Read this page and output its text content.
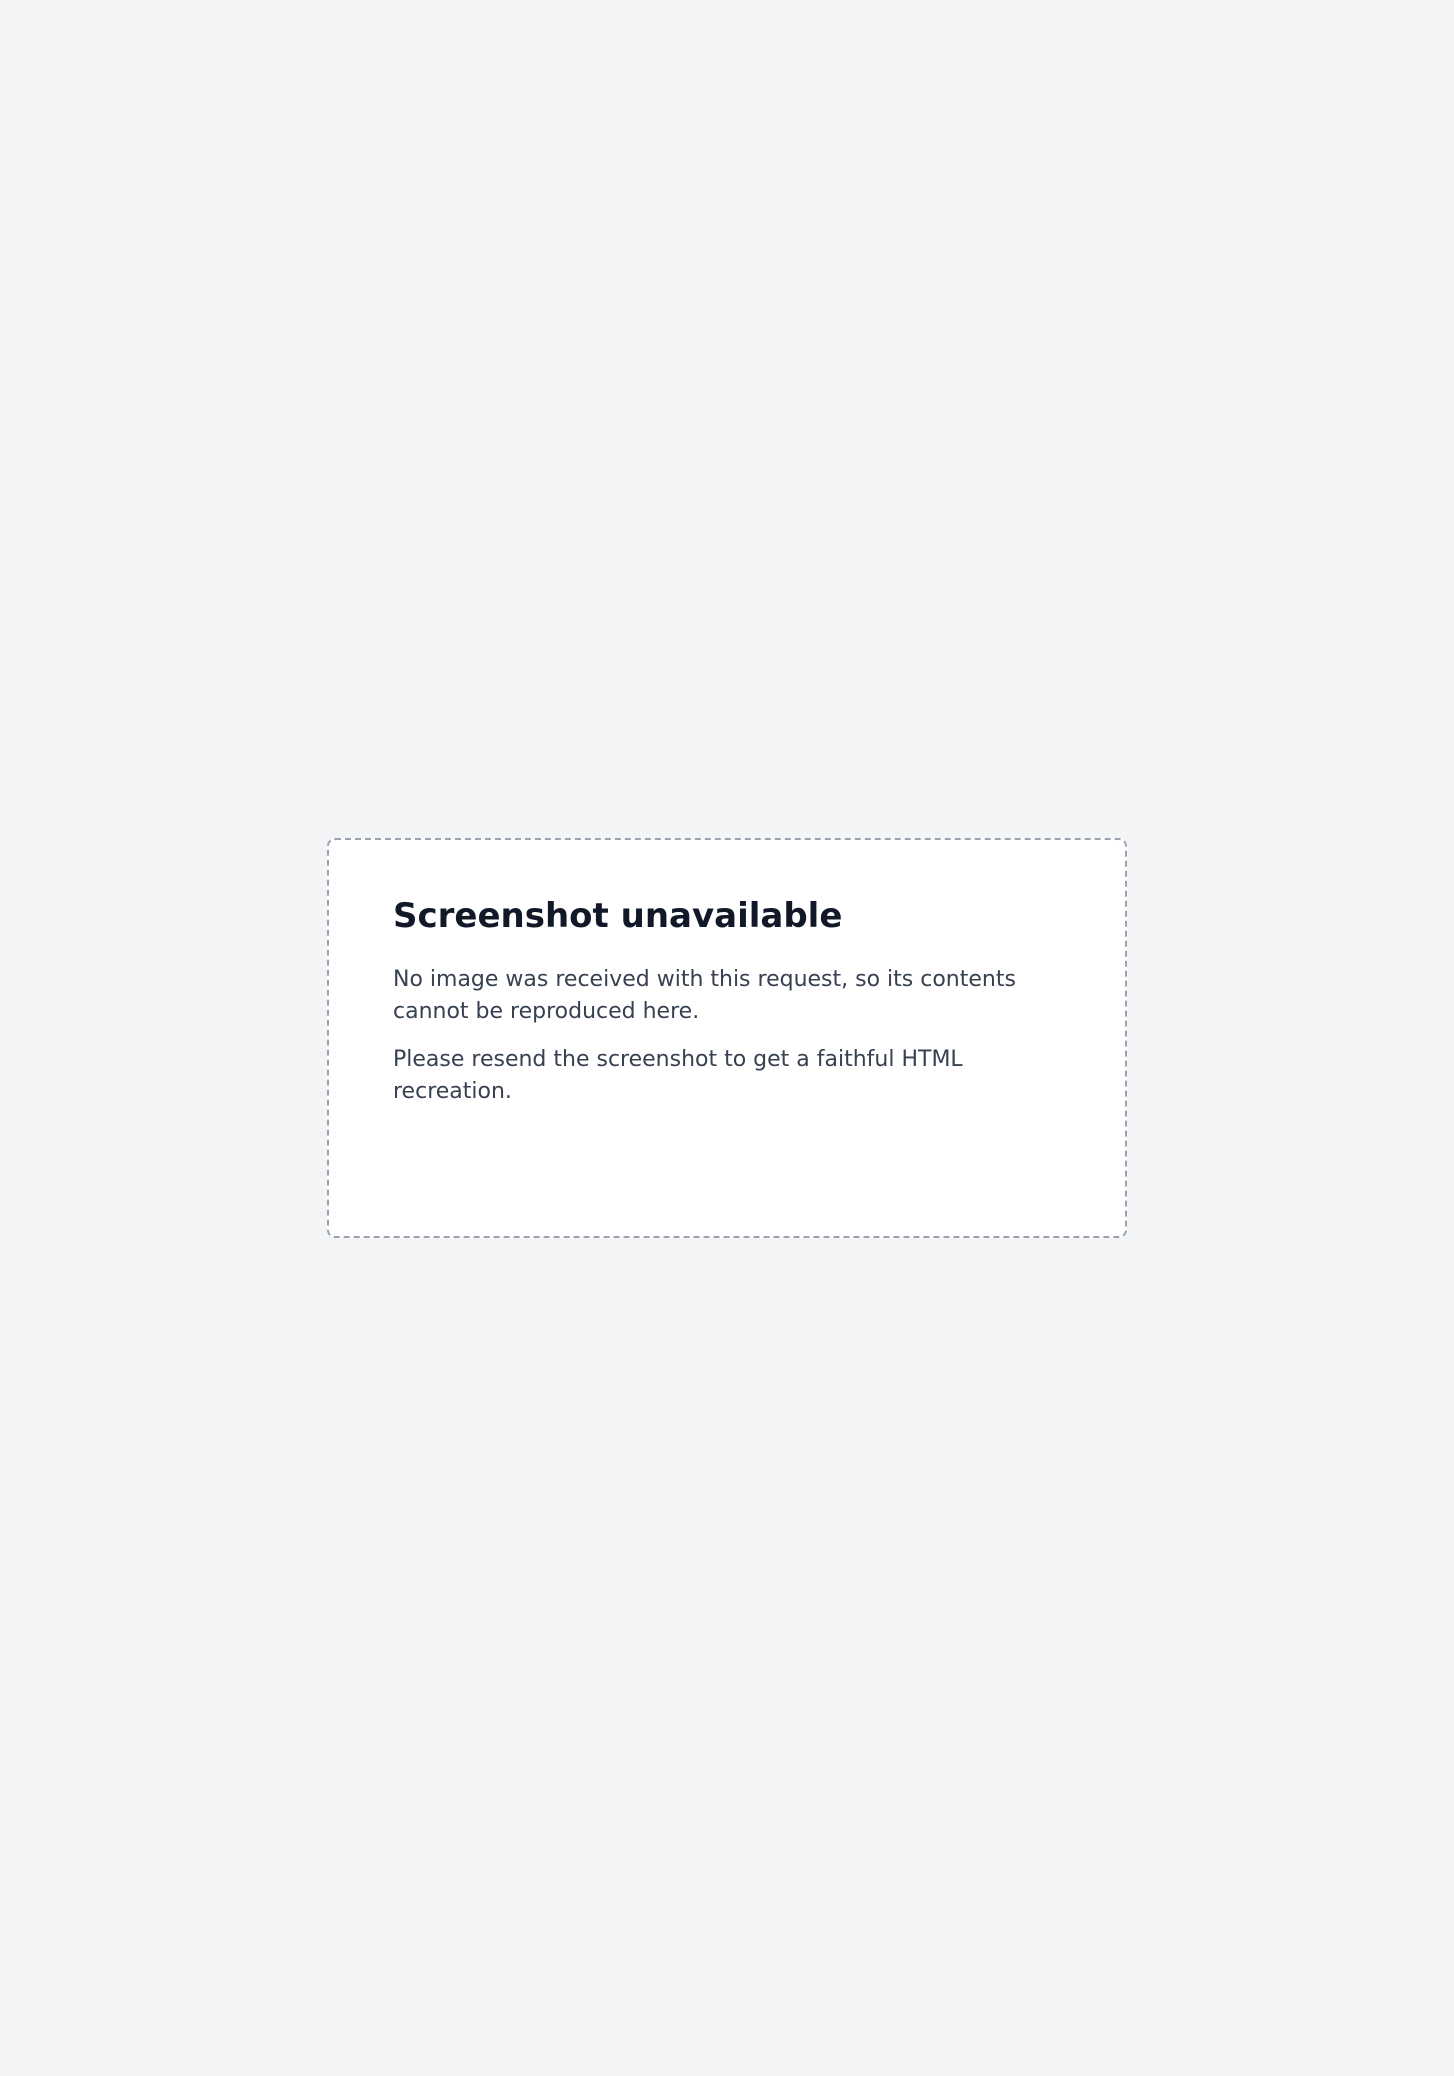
Screenshot unavailable

No image was received with this request, so its contents cannot be reproduced here.

Please resend the screenshot to get a faithful HTML recreation.
